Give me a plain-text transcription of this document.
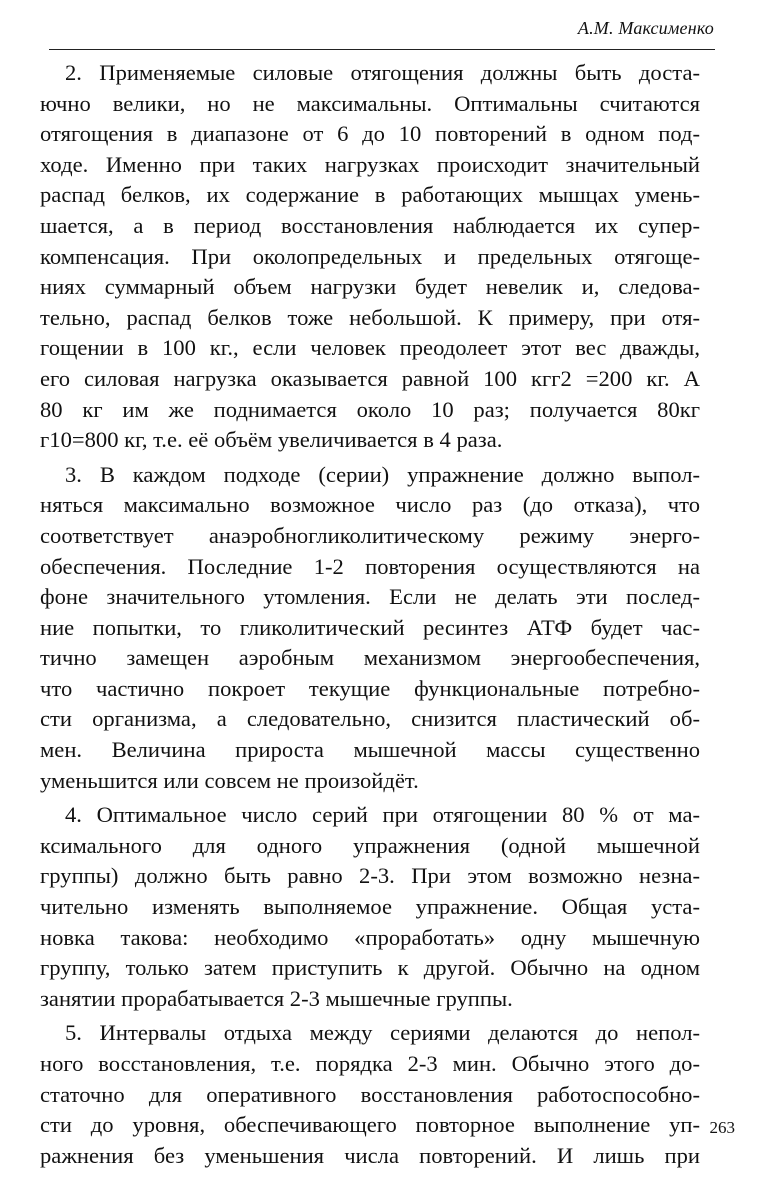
А.М. Максименко
2. Применяемые силовые отягощения должны быть доста-
ючно велики, но не максимальны. Оптимальны считаются
отягощения в диапазоне от 6 до 10 повторений в одном под-
ходе. Именно при таких нагрузках происходит значительный
распад белков, их содержание в работающих мышцах умень-
шается, а в период восстановления наблюдается их супер-
компенсация. При околопредельных и предельных отягоще-
ниях суммарный объем нагрузки будет невелик и, следова-
тельно, распад белков тоже небольшой. К примеру, при отя-
гощении в 100 кг., если человек преодолеет этот вес дважды,
его силовая нагрузка оказывается равной 100 кгг2 =200 кг. А
80 кг им же поднимается около 10 раз; получается 80кг
г10=800 кг, т.е. её объём увеличивается в 4 раза.
3. В каждом подходе (серии) упражнение должно выпол-
няться максимально возможное число раз (до отказа), что
соответствует анаэробногликолитическому режиму энерго-
обеспечения. Последние 1-2 повторения осуществляются на
фоне значительного утомления. Если не делать эти послед-
ние попытки, то гликолитический ресинтез АТФ будет час-
тично замещен аэробным механизмом энергообеспечения,
что частично покроет текущие функциональные потребно-
сти организма, а следовательно, снизится пластический об-
мен. Величина прироста мышечной массы существенно
уменьшится или совсем не произойдёт.
4. Оптимальное число серий при отягощении 80 % от ма-
ксимального для одного упражнения (одной мышечной
группы) должно быть равно 2-3. При этом возможно незна-
чительно изменять выполняемое упражнение. Общая уста-
новка такова: необходимо «проработать» одну мышечную
группу, только затем приступить к другой. Обычно на одном
занятии прорабатывается 2-3 мышечные группы.
5. Интервалы отдыха между сериями делаются до непол-
ного восстановления, т.е. порядка 2-3 мин. Обычно этого до-
статочно для оперативного восстановления работоспособно-
сти до уровня, обеспечивающего повторное выполнение уп-
ражнения без уменьшения числа повторений. И лишь при
263
